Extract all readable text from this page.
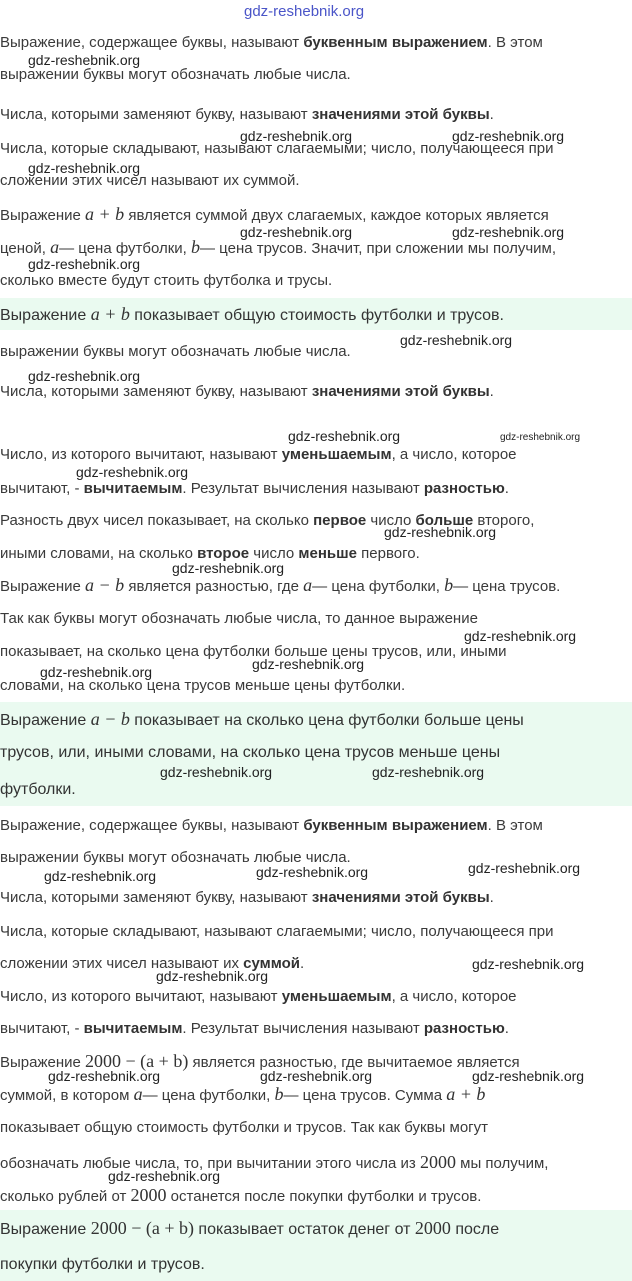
Выражение, содержащее буквы, называют буквенным выражением. В этом
выражении буквы могут обозначать любые числа.
Числа, которыми заменяют букву, называют значениями этой буквы.
Числа, которые складывают, называют слагаемыми; число, получающееся при
сложении этих чисел называют их суммой.
Выражение a + b является суммой двух слагаемых, каждое которых является
ценой, a— цена футболки, b— цена трусов. Значит, при сложении мы получим,
сколько вместе будут стоить футболка и трусы.
Выражение a + b показывает общую стоимость футболки и трусов.
выражении буквы могут обозначать любые числа.
Числа, которыми заменяют букву, называют значениями этой буквы.
Число, из которого вычитают, называют уменьшаемым, а число, которое
вычитают, - вычитаемым. Результат вычисления называют разностью.
Разность двух чисел показывает, на сколько первое число больше второго,
иными словами, на сколько второе число меньше первого.
Выражение a − b является разностью, где a— цена футболки, b— цена трусов.
Так как буквы могут обозначать любые числа, то данное выражение
показывает, на сколько цена футболки больше цены трусов, или, иными
словами, на сколько цена трусов меньше цены футболки.
Выражение a − b показывает на сколько цена футболки больше цены
трусов, или, иными словами, на сколько цена трусов меньше цены
футболки.
Выражение, содержащее буквы, называют буквенным выражением. В этом
выражении буквы могут обозначать любые числа.
Числа, которыми заменяют букву, называют значениями этой буквы.
Числа, которые складывают, называют слагаемыми; число, получающееся при
сложении этих чисел называют их суммой.
Число, из которого вычитают, называют уменьшаемым, а число, которое
вычитают, - вычитаемым. Результат вычисления называют разностью.
Выражение 2000 − (a + b) является разностью, где вычитаемое является
суммой, в котором a— цена футболки, b— цена трусов. Сумма a + b
показывает общую стоимость футболки и трусов. Так как буквы могут
обозначать любые числа, то, при вычитании этого числа из 2000 мы получим,
сколько рублей от 2000 останется после покупки футболки и трусов.
Выражение 2000 − (a + b) показывает остаток денег от 2000 после
покупки футболки и трусов.
gdz-reshebnik.org
gdz-reshebnik.org
gdz-reshebnik.org	gdz-reshebnik.org
gdz-reshebnik.org
gdz-reshebnik.org	gdz-reshebnik.org
gdz-reshebnik.org
gdz-reshebnik.org
gdz-reshebnik.org
gdz-reshebnik.org	gdz-reshebnik.org
gdz-reshebnik.org
gdz-reshebnik.org
gdz-reshebnik.org
gdz-reshebnik.org
gdz-reshebnik.org
gdz-reshebnik.org
gdz-reshebnik.org	gdz-reshebnik.org
gdz-reshebnik.org
gdz-reshebnik.org
gdz-reshebnik.org
gdz-reshebnik.org
gdz-reshebnik.org
gdz-reshebnik.org	gdz-reshebnik.org	gdz-reshebnik.org
gdz-reshebnik.org
